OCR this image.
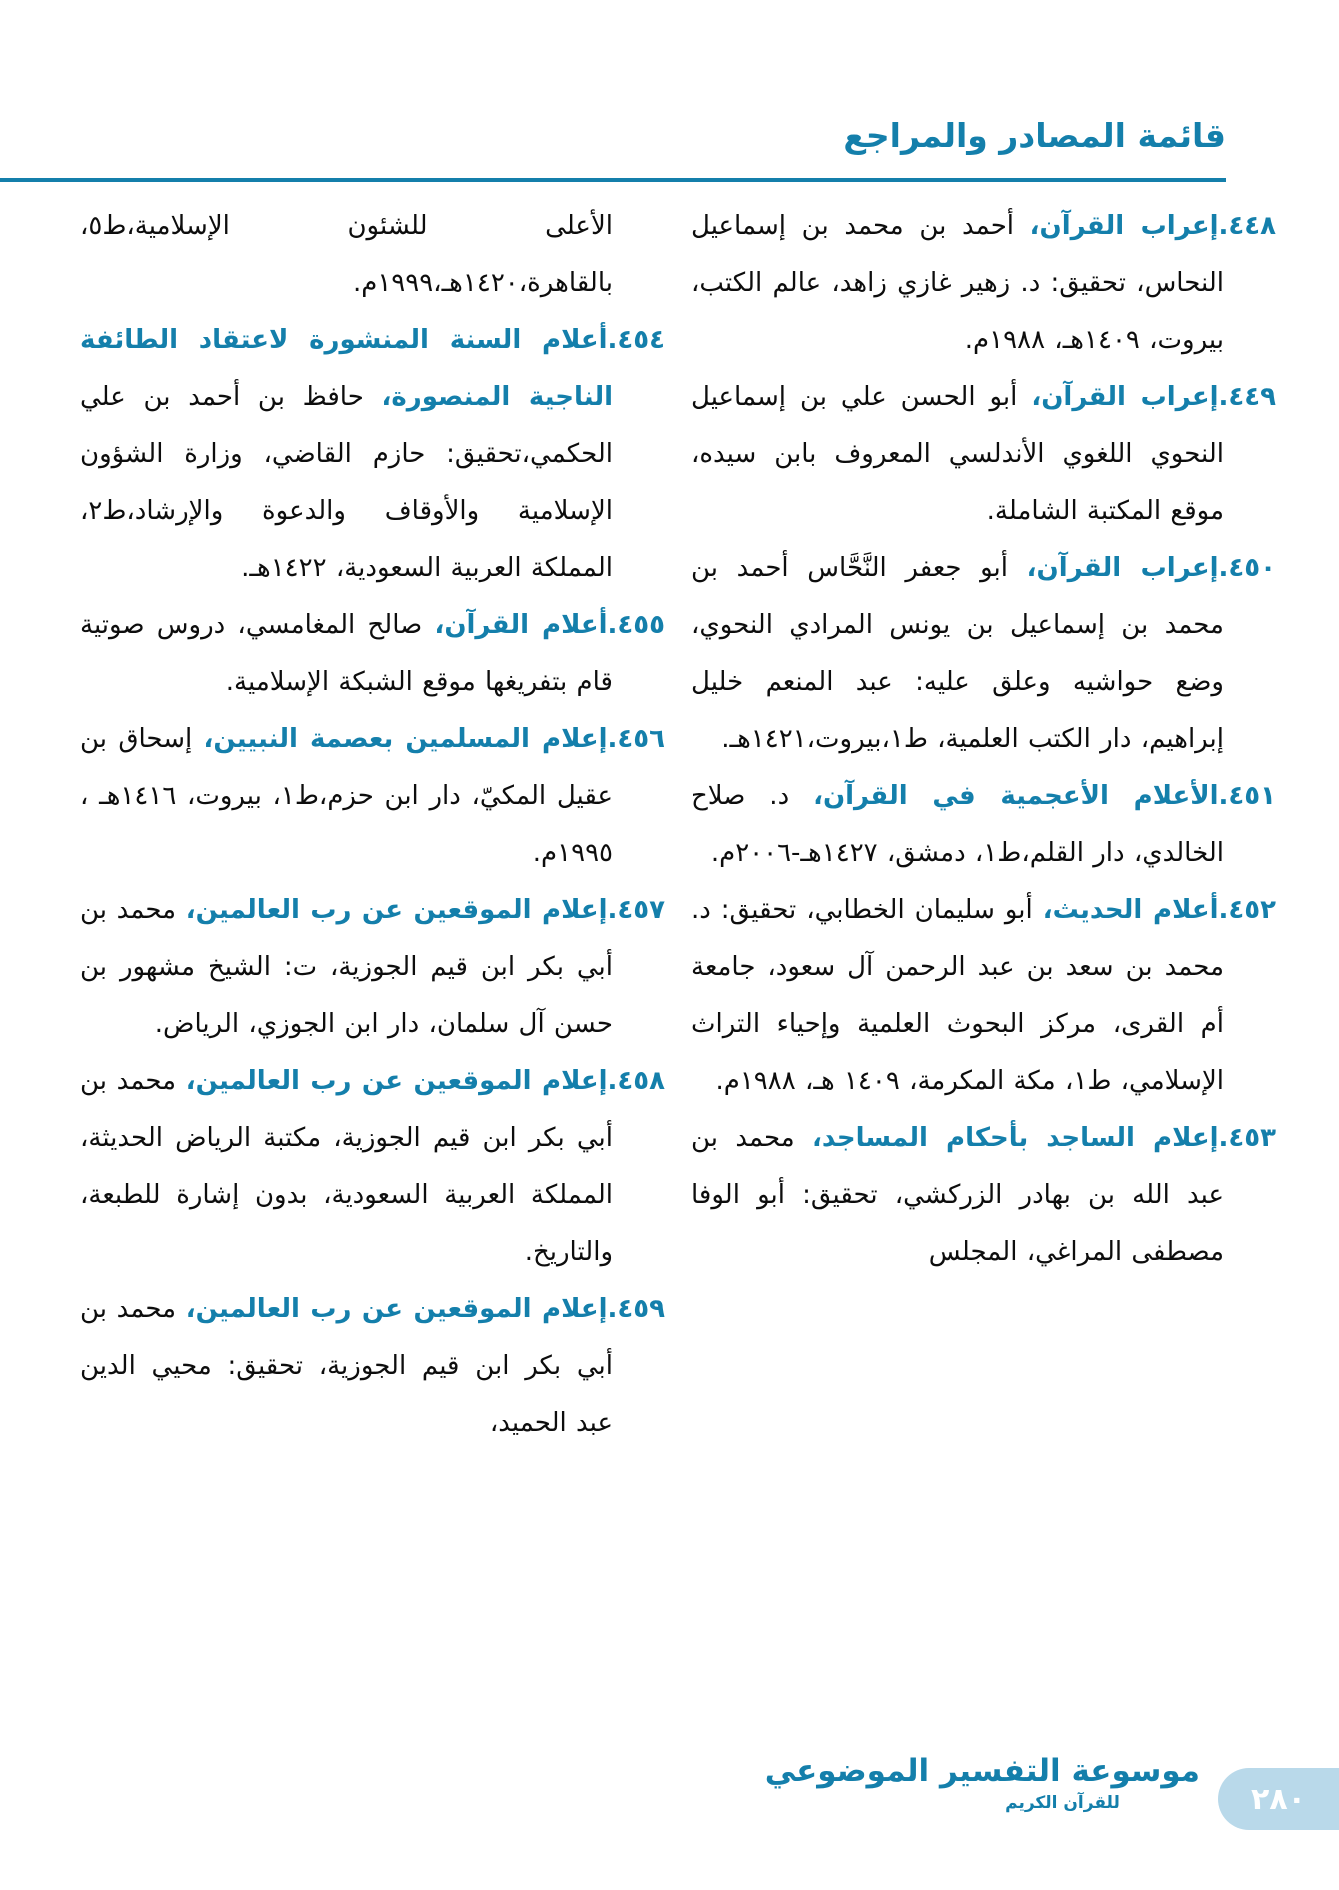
قائمة المصادر والمراجع

٤٤٨.إعراب القرآن، أحمد بن محمد بن إسماعيل النحاس، تحقيق: د. زهير غازي زاهد، عالم الكتب، بيروت، ١٤٠٩هـ، ١٩٨٨م.

٤٤٩.إعراب القرآن، أبو الحسن علي بن إسماعيل النحوي اللغوي الأندلسي المعروف بابن سيده، موقع المكتبة الشاملة.

٤٥٠.إعراب القرآن، أبو جعفر النَّحَّاس أحمد بن محمد بن إسماعيل بن يونس المرادي النحوي، وضع حواشيه وعلق عليه: عبد المنعم خليل إبراهيم، دار الكتب العلمية، ط١،بيروت،١٤٢١هـ.

٤٥١.الأعلام الأعجمية في القرآن، د. صلاح الخالدي، دار القلم،ط١، دمشق، ١٤٢٧هـ-٢٠٠٦م.

٤٥٢.أعلام الحديث، أبو سليمان الخطابي، تحقيق: د. محمد بن سعد بن عبد الرحمن آل سعود، جامعة أم القرى، مركز البحوث العلمية وإحياء التراث الإسلامي، ط١، مكة المكرمة، ١٤٠٩ هـ، ١٩٨٨م.

٤٥٣.إعلام الساجد بأحكام المساجد، محمد بن عبد الله بن بهادر الزركشي، تحقيق: أبو الوفا مصطفى المراغي، المجلس

الأعلى للشئون الإسلامية،ط٥، بالقاهرة،١٤٢٠هـ،١٩٩٩م.

٤٥٤.أعلام السنة المنشورة لاعتقاد الطائفة الناجية المنصورة، حافظ بن أحمد بن علي الحكمي،تحقيق: حازم القاضي، وزارة الشؤون الإسلامية والأوقاف والدعوة والإرشاد،ط٢، المملكة العربية السعودية، ١٤٢٢هـ.

٤٥٥.أعلام القرآن، صالح المغامسي، دروس صوتية قام بتفريغها موقع الشبكة الإسلامية.

٤٥٦.إعلام المسلمين بعصمة النبيين، إسحاق بن عقيل المكيّ، دار ابن حزم،ط١، بيروت، ١٤١٦هـ ، ١٩٩٥م.

٤٥٧.إعلام الموقعين عن رب العالمين، محمد بن أبي بكر ابن قيم الجوزية، ت: الشيخ مشهور بن حسن آل سلمان، دار ابن الجوزي، الرياض.

٤٥٨.إعلام الموقعين عن رب العالمين، محمد بن أبي بكر ابن قيم الجوزية، مكتبة الرياض الحديثة، المملكة العربية السعودية، بدون إشارة للطبعة، والتاريخ.

٤٥٩.إعلام الموقعين عن رب العالمين، محمد بن أبي بكر ابن قيم الجوزية، تحقيق: محيي الدين عبد الحميد،

موسوعة التفسير الموضوعي
للقرآن الكريم	٢٨٠
